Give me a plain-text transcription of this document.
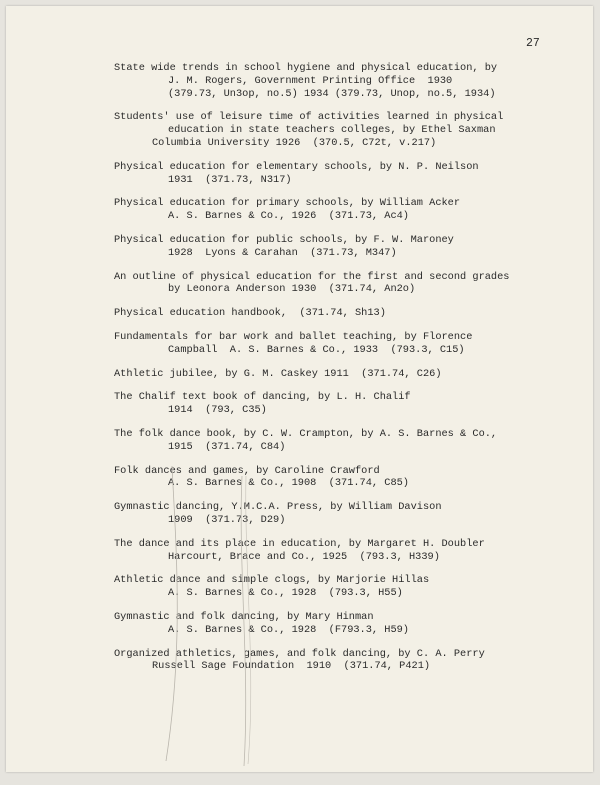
27
State wide trends in school hygiene and physical education, by
J. M. Rogers, Government Printing Office  1930
(379.73, Un3op, no.5) 1934 (379.73, Unop, no.5, 1934)
Students' use of leisure time of activities learned in physical
education in state teachers colleges, by Ethel Saxman
Columbia University 1926  (370.5, C72t, v.217)
Physical education for elementary schools, by N. P. Neilson
1931  (371.73, N317)
Physical education for primary schools, by William Acker
A. S. Barnes & Co., 1926  (371.73, Ac4)
Physical education for public schools, by F. W. Maroney
1928  Lyons & Carahan  (371.73, M347)
An outline of physical education for the first and second grades
by Leonora Anderson 1930  (371.74, An2o)
Physical education handbook,  (371.74, Sh13)
Fundamentals for bar work and ballet teaching, by Florence
Campball  A. S. Barnes & Co., 1933  (793.3, C15)
Athletic jubilee, by G. M. Caskey 1911  (371.74, C26)
The Chalif text book of dancing, by L. H. Chalif
1914  (793, C35)
The folk dance book, by C. W. Crampton, by A. S. Barnes & Co.,
1915  (371.74, C84)
Folk dances and games, by Caroline Crawford
A. S. Barnes & Co., 1908  (371.74, C85)
Gymnastic dancing, Y.M.C.A. Press, by William Davison
1909  (371.73, D29)
The dance and its place in education, by Margaret H. Doubler
Harcourt, Brace and Co., 1925  (793.3, H339)
Athletic dance and simple clogs, by Marjorie Hillas
A. S. Barnes & Co., 1928  (793.3, H55)
Gymnastic and folk dancing, by Mary Hinman
A. S. Barnes & Co., 1928  (F793.3, H59)
Organized athletics, games, and folk dancing, by C. A. Perry
Russell Sage Foundation  1910  (371.74, P421)
